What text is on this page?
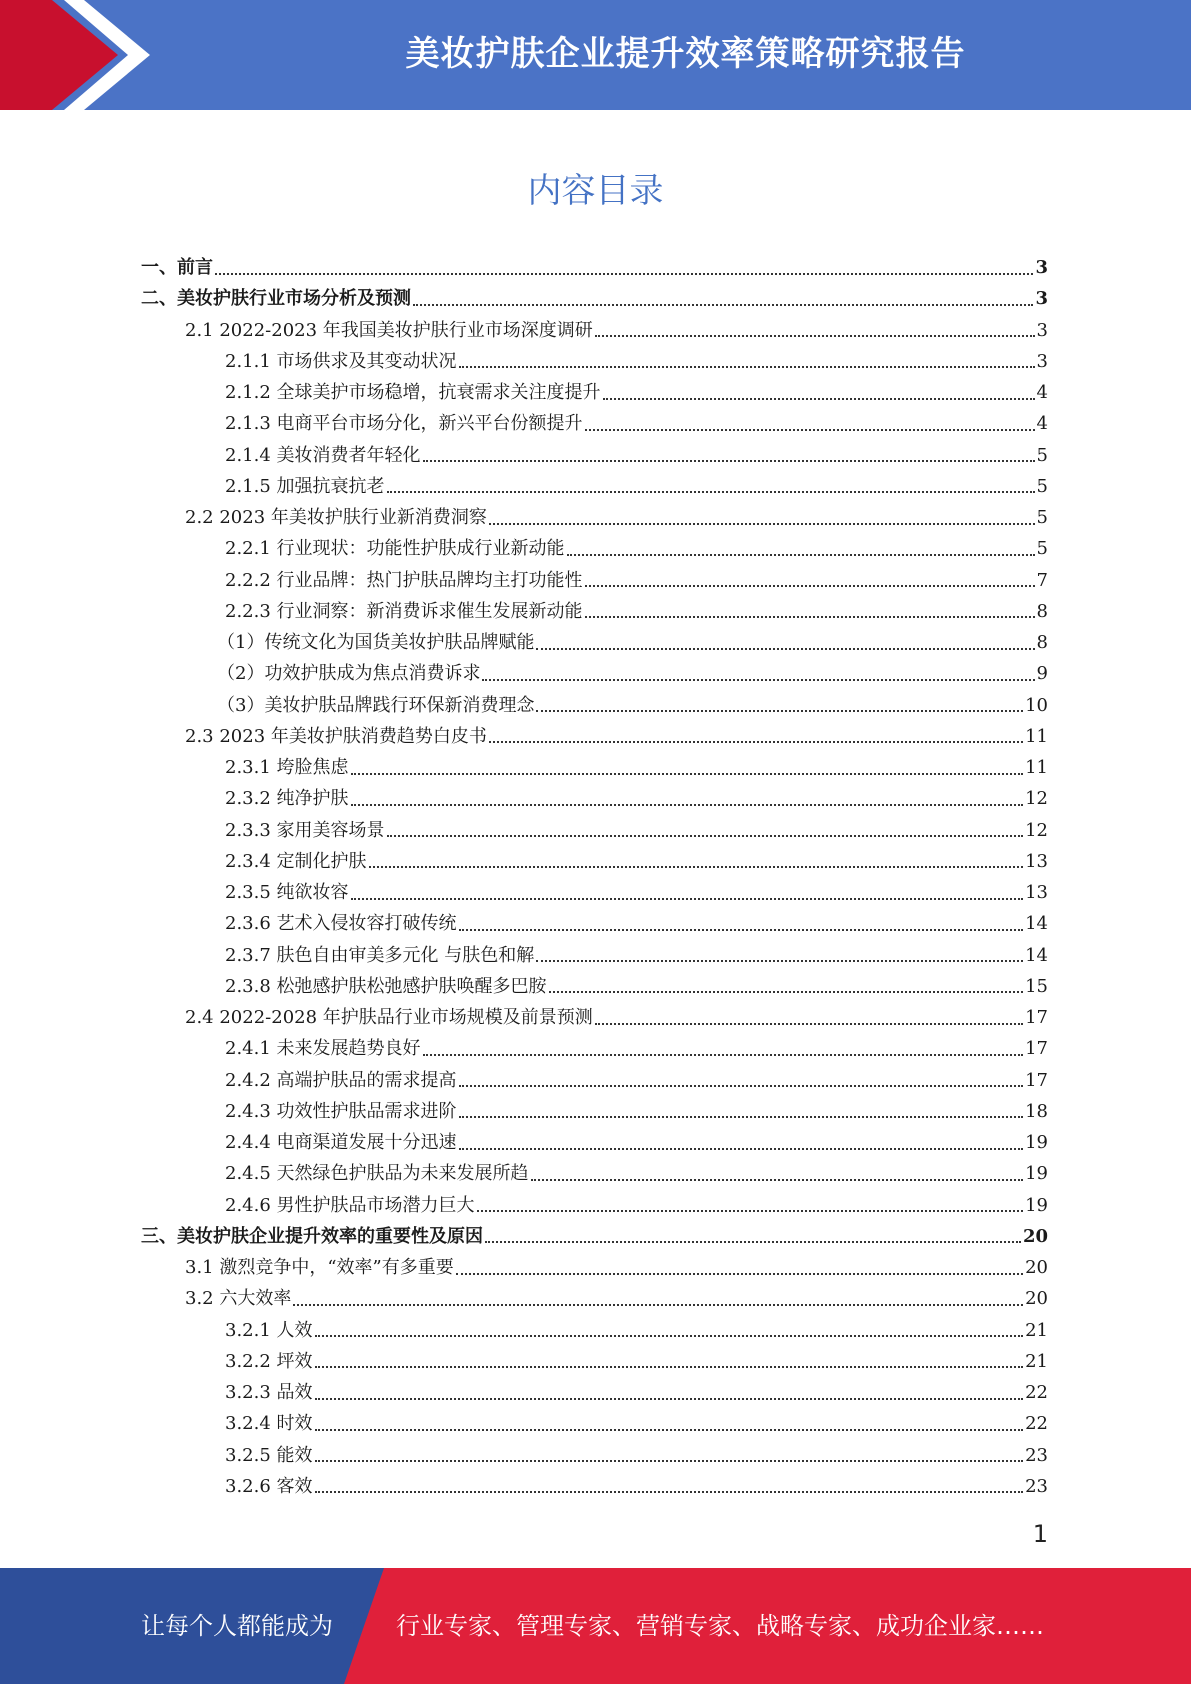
美妆护肤企业提升效率策略研究报告
内容目录
一、前言	3
二、美妆护肤行业市场分析及预测	3
2.1 2022-2023 年我国美妆护肤行业市场深度调研	3
2.1.1 市场供求及其变动状况	3
2.1.2 全球美护市场稳增，抗衰需求关注度提升	4
2.1.3 电商平台市场分化，新兴平台份额提升	4
2.1.4 美妆消费者年轻化	5
2.1.5 加强抗衰抗老	5
2.2 2023 年美妆护肤行业新消费洞察	5
2.2.1 行业现状：功能性护肤成行业新动能	5
2.2.2 行业品牌：热门护肤品牌均主打功能性	7
2.2.3 行业洞察：新消费诉求催生发展新动能	8
（1）传统文化为国货美妆护肤品牌赋能	8
（2）功效护肤成为焦点消费诉求	9
（3）美妆护肤品牌践行环保新消费理念	10
2.3 2023 年美妆护肤消费趋势白皮书	11
2.3.1 垮脸焦虑	11
2.3.2 纯净护肤	12
2.3.3 家用美容场景	12
2.3.4 定制化护肤	13
2.3.5 纯欲妆容	13
2.3.6 艺术入侵妆容打破传统	14
2.3.7 肤色自由审美多元化 与肤色和解	14
2.3.8 松弛感护肤松弛感护肤唤醒多巴胺	15
2.4 2022-2028 年护肤品行业市场规模及前景预测	17
2.4.1 未来发展趋势良好	17
2.4.2 高端护肤品的需求提高	17
2.4.3 功效性护肤品需求进阶	18
2.4.4 电商渠道发展十分迅速	19
2.4.5 天然绿色护肤品为未来发展所趋	19
2.4.6 男性护肤品市场潜力巨大	19
三、美妆护肤企业提升效率的重要性及原因	20
3.1 激烈竞争中，“效率”有多重要	20
3.2 六大效率	20
3.2.1 人效	21
3.2.2 坪效	21
3.2.3 品效	22
3.2.4 时效	22
3.2.5 能效	23
3.2.6 客效	23
1
让每个人都能成为	行业专家、管理专家、营销专家、战略专家、成功企业家……
